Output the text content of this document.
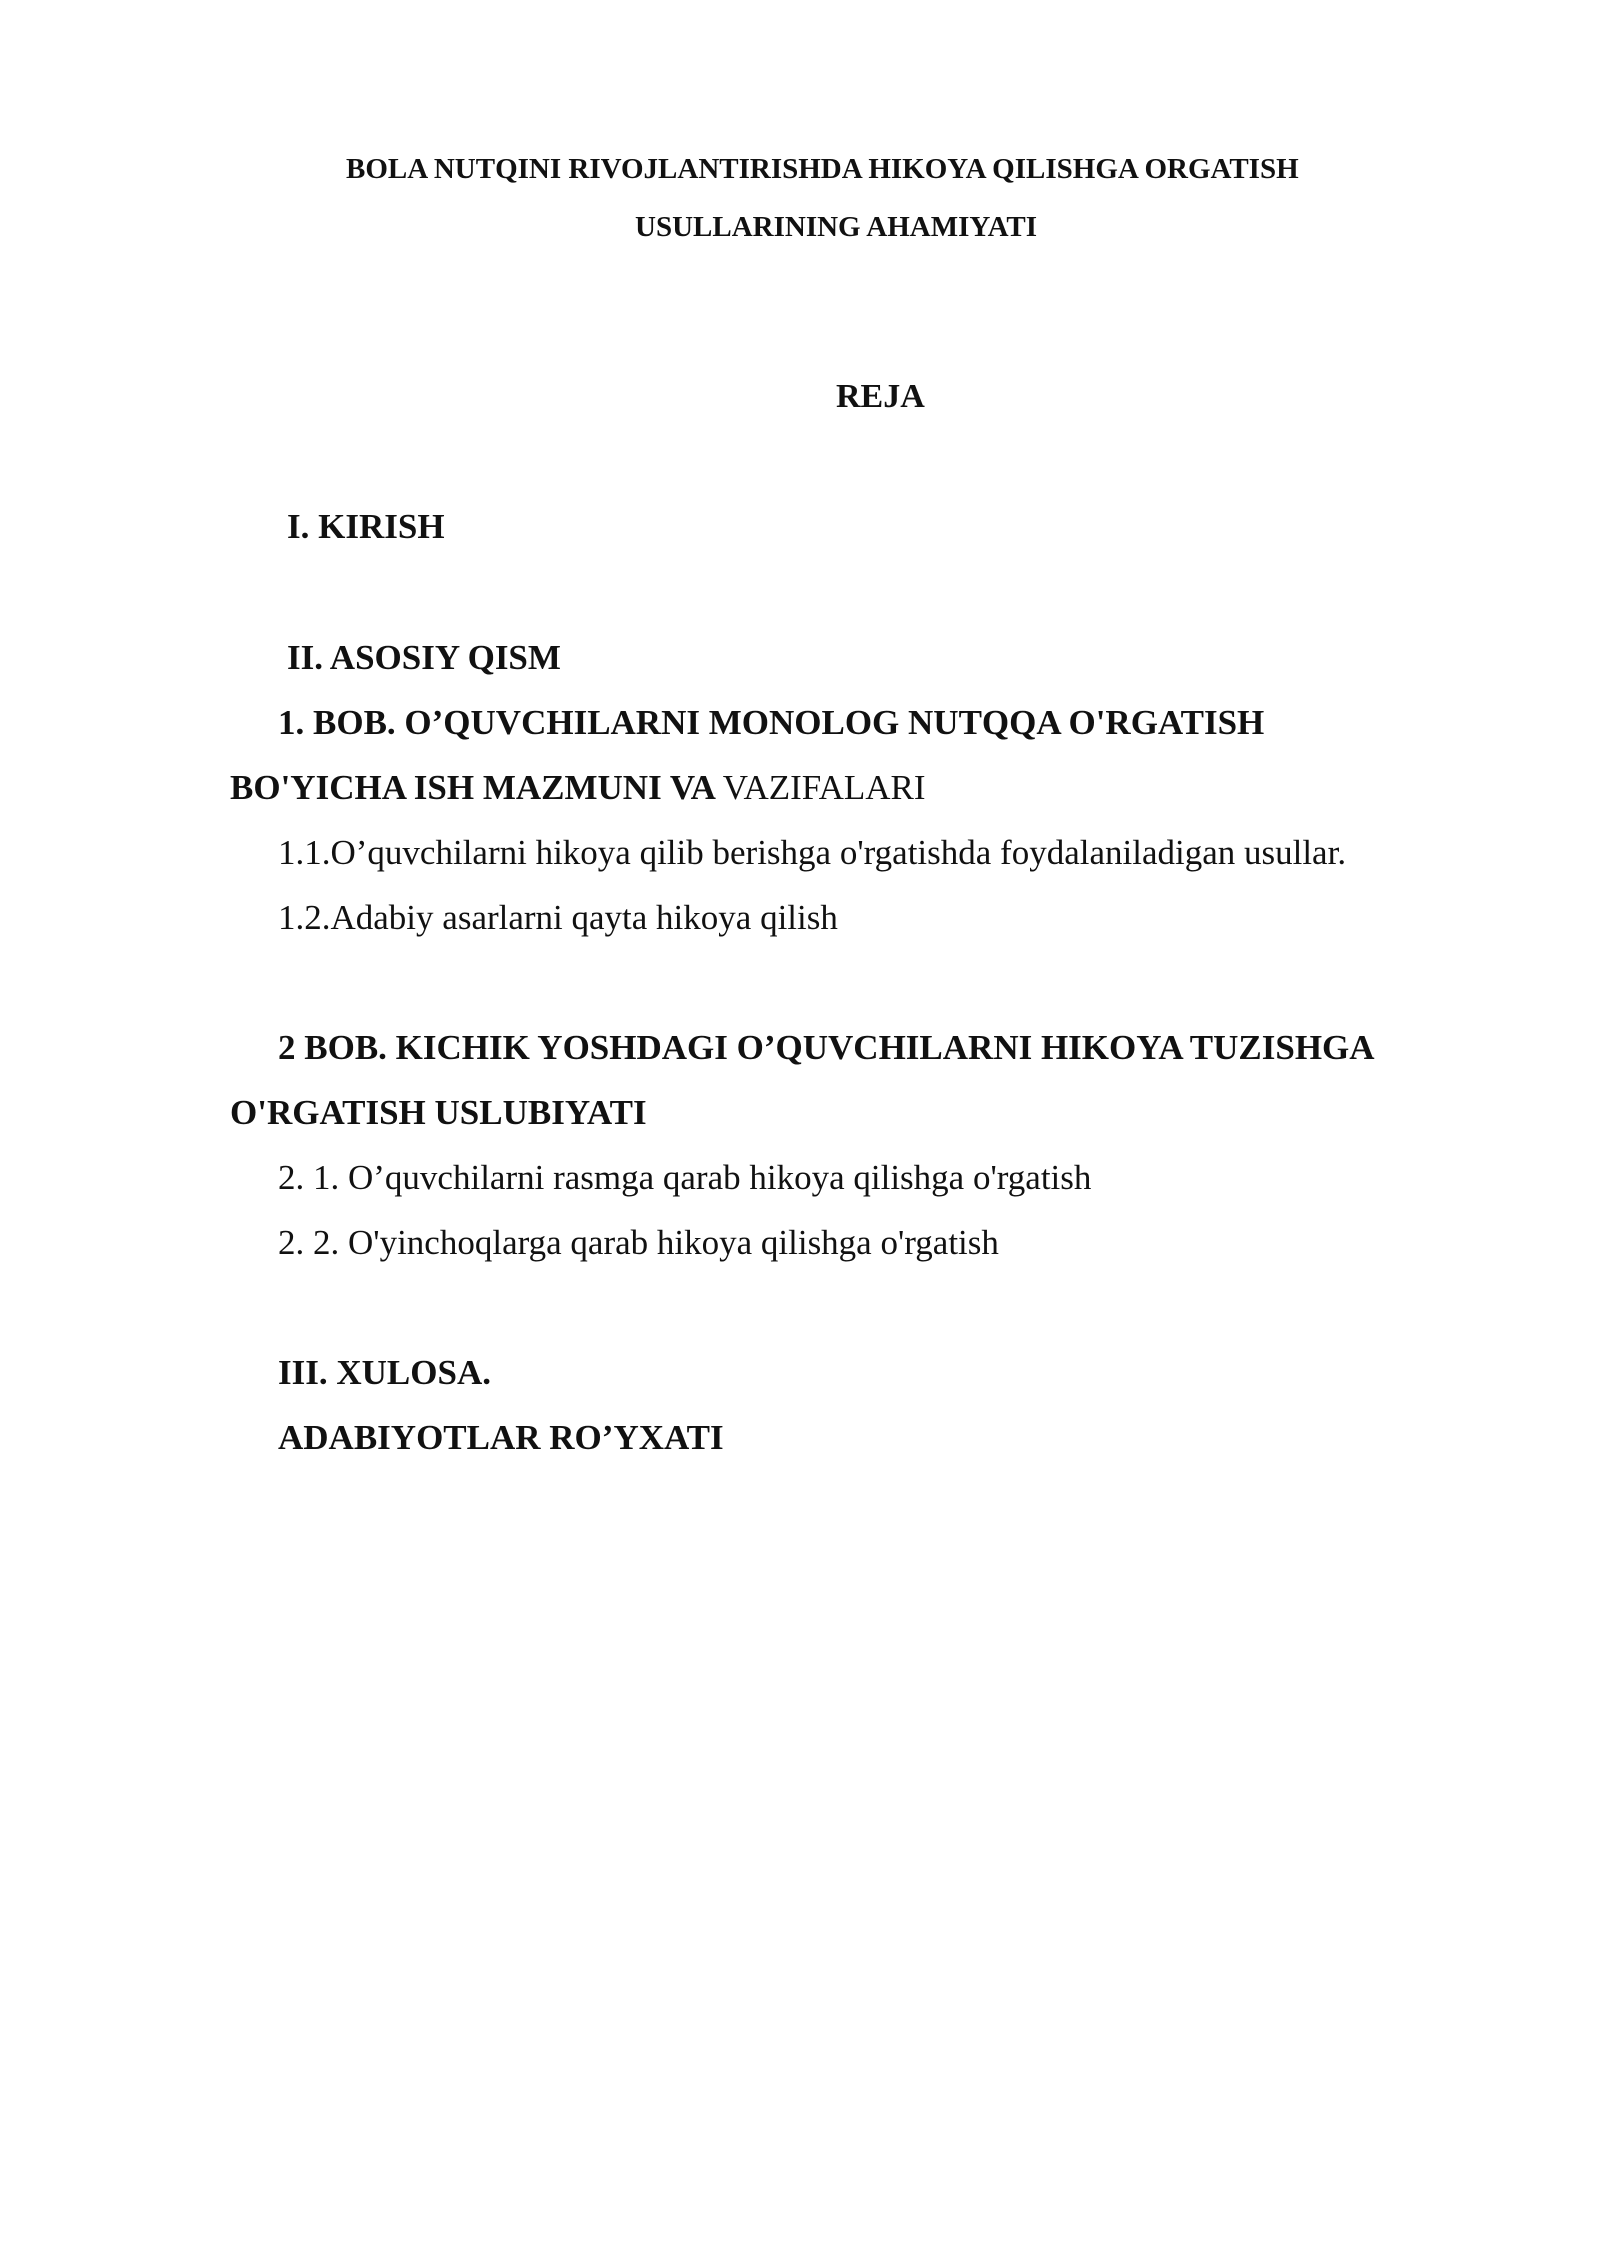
BOLA NUTQINI RIVOJLANTIRISHDA HIKOYA QILISHGA ORGATISH
USULLARINING AHAMIYATI
REJA
I. KIRISH
II. ASOSIY QISM
1. BOB. O’QUVCHILARNI MONOLOG NUTQQA O'RGATISH
BO'YICHA ISH MAZMUNI VA VAZIFALARI
1.1.O’quvchilarni hikoya qilib berishga o'rgatishda foydalaniladigan usullar.
1.2.Adabiy asarlarni qayta hikoya qilish
2 BOB. KICHIK YOSHDAGI O’QUVCHILARNI HIKOYA TUZISHGA
O'RGATISH USLUBIYATI
2. 1. O’quvchilarni rasmga qarab hikoya qilishga o'rgatish
2. 2. O'yinchoqlarga qarab hikoya qilishga o'rgatish
III. XULOSA.
ADABIYOTLAR RO’YXATI
